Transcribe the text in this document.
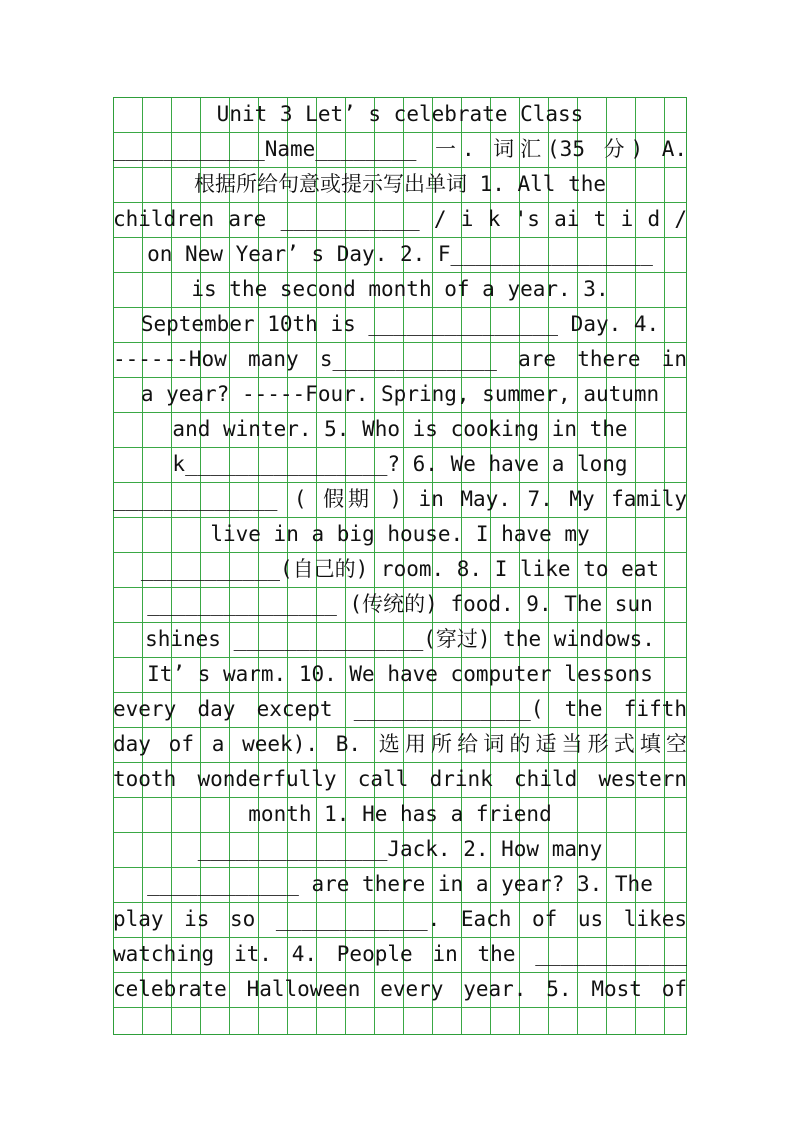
Unit 3 Let’ s celebrate Class
____________Name________ 一. 词汇(35 分) A.
根据所给句意或提示写出单词 1. All the
children are ___________ / i k 's ai t i d /
on New Year’ s Day. 2. F________________
is the second month of a year. 3.
September 10th is _______________ Day. 4.
------How many s_____________ are there in
a year? -----Four. Spring, summer, autumn
and winter. 5. Who is cooking in the
k________________? 6. We have a long
_____________ ( 假期 ) in May. 7. My family
live in a big house. I have my
___________(自己的) room. 8. I like to eat
_______________ (传统的) food. 9. The sun
shines _______________(穿过) the windows.
It’ s warm. 10. We have computer lessons
every day except ______________( the fifth
day of a week). B. 选用所给词的适当形式填空
tooth wonderfully call drink child western
month 1. He has a friend
_______________Jack. 2. How many
____________ are there in a year? 3. The
play is so ____________. Each of us likes
watching it. 4. People in the ____________
celebrate Halloween every year. 5. Most of
